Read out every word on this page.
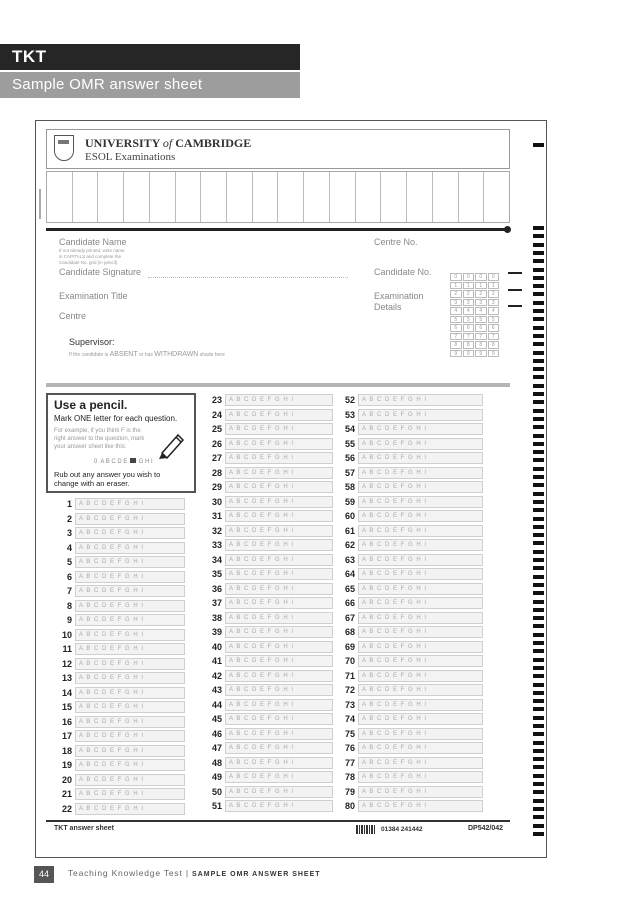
TKT
Sample OMR answer sheet
UNIVERSITY of CAMBRIDGE
ESOL Examinations
Candidate Name
If not already printed, write name
in CAPITALS and complete the
Candidate No. grid (in pencil).
Candidate Signature
Examination Title
Centre
Centre No.
Candidate No.
Examination
Details
0	0	0	0
1	1	1	1
2	2	2	2
3	3	3	3
4	4	4	4
5	5	5	5
6	6	6	6
7	7	7	7
8	8	8	8
9	9	9	9
Supervisor:
If the candidate is ABSENT or has WITHDRAWN shade here
Use a pencil.
Mark ONE letter for each question.
For example, if you think F is the
right answer to the question, mark
your answer sheet like this:
0 A B C D E G H I
Rub out any answer you wish to
change with an eraser.
1	A B C D E F G H I
2	A B C D E F G H I
3	A B C D E F G H I
4	A B C D E F G H I
5	A B C D E F G H I
6	A B C D E F G H I
7	A B C D E F G H I
8	A B C D E F G H I
9	A B C D E F G H I
10	A B C D E F G H I
11	A B C D E F G H I
12	A B C D E F G H I
13	A B C D E F G H I
14	A B C D E F G H I
15	A B C D E F G H I
16	A B C D E F G H I
17	A B C D E F G H I
18	A B C D E F G H I
19	A B C D E F G H I
20	A B C D E F G H I
21	A B C D E F G H I
22	A B C D E F G H I
23	A B C D E F G H I
24	A B C D E F G H I
25	A B C D E F G H I
26	A B C D E F G H I
27	A B C D E F G H I
28	A B C D E F G H I
29	A B C D E F G H I
30	A B C D E F G H I
31	A B C D E F G H I
32	A B C D E F G H I
33	A B C D E F G H I
34	A B C D E F G H I
35	A B C D E F G H I
36	A B C D E F G H I
37	A B C D E F G H I
38	A B C D E F G H I
39	A B C D E F G H I
40	A B C D E F G H I
41	A B C D E F G H I
42	A B C D E F G H I
43	A B C D E F G H I
44	A B C D E F G H I
45	A B C D E F G H I
46	A B C D E F G H I
47	A B C D E F G H I
48	A B C D E F G H I
49	A B C D E F G H I
50	A B C D E F G H I
51	A B C D E F G H I
52	A B C D E F G H I
53	A B C D E F G H I
54	A B C D E F G H I
55	A B C D E F G H I
56	A B C D E F G H I
57	A B C D E F G H I
58	A B C D E F G H I
59	A B C D E F G H I
60	A B C D E F G H I
61	A B C D E F G H I
62	A B C D E F G H I
63	A B C D E F G H I
64	A B C D E F G H I
65	A B C D E F G H I
66	A B C D E F G H I
67	A B C D E F G H I
68	A B C D E F G H I
69	A B C D E F G H I
70	A B C D E F G H I
71	A B C D E F G H I
72	A B C D E F G H I
73	A B C D E F G H I
74	A B C D E F G H I
75	A B C D E F G H I
76	A B C D E F G H I
77	A B C D E F G H I
78	A B C D E F G H I
79	A B C D E F G H I
80	A B C D E F G H I
TKT answer sheet	01384 241442	DP542/042
44	Teaching Knowledge Test | SAMPLE OMR ANSWER SHEET
